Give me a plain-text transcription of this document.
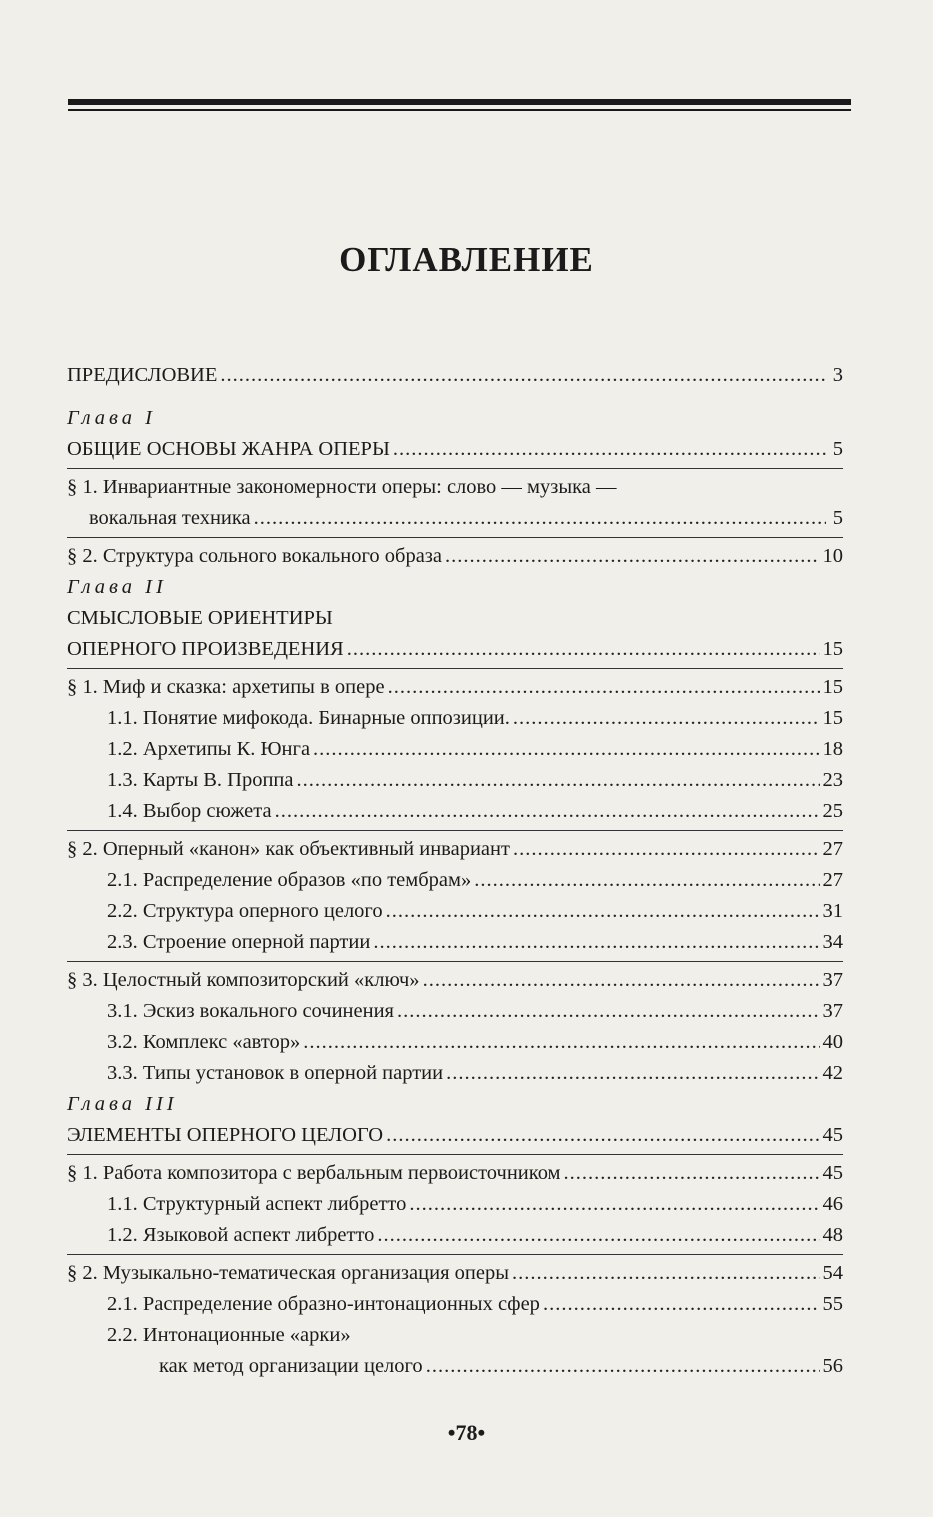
ОГЛАВЛЕНИЕ
ПРЕДИСЛОВИЕ .....	3
Глава I
ОБЩИЕ ОСНОВЫ ЖАНРА ОПЕРЫ .....	5
§ 1. Инвариантные закономерности оперы: слово — музыка —
вокальная техника .....	5
§ 2. Структура сольного вокального образа .....	10
Глава II
СМЫСЛОВЫЕ ОРИЕНТИРЫ
ОПЕРНОГО ПРОИЗВЕДЕНИЯ .....	15
§ 1. Миф и сказка: архетипы в опере .....	15
1.1. Понятие мифокода. Бинарные оппозиции. .....	15
1.2. Архетипы К. Юнга .....	18
1.3. Карты В. Проппа .....	23
1.4. Выбор сюжета .....	25
§ 2. Оперный «канон» как объективный инвариант .....	27
2.1. Распределение образов «по тембрам» .....	27
2.2. Структура оперного целого .....	31
2.3. Строение оперной партии .....	34
§ 3. Целостный композиторский «ключ» .....	37
3.1. Эскиз вокального сочинения .....	37
3.2. Комплекс «автор» .....	40
3.3. Типы установок в оперной партии .....	42
Глава III
ЭЛЕМЕНТЫ ОПЕРНОГО ЦЕЛОГО .....	45
§ 1. Работа композитора с вербальным первоисточником .....	45
1.1. Структурный аспект либретто .....	46
1.2. Языковой аспект либретто .....	48
§ 2. Музыкально-тематическая организация оперы .....	54
2.1. Распределение образно-интонационных сфер .....	55
2.2. Интонационные «арки»
как метод организации целого .....	56
•78•
